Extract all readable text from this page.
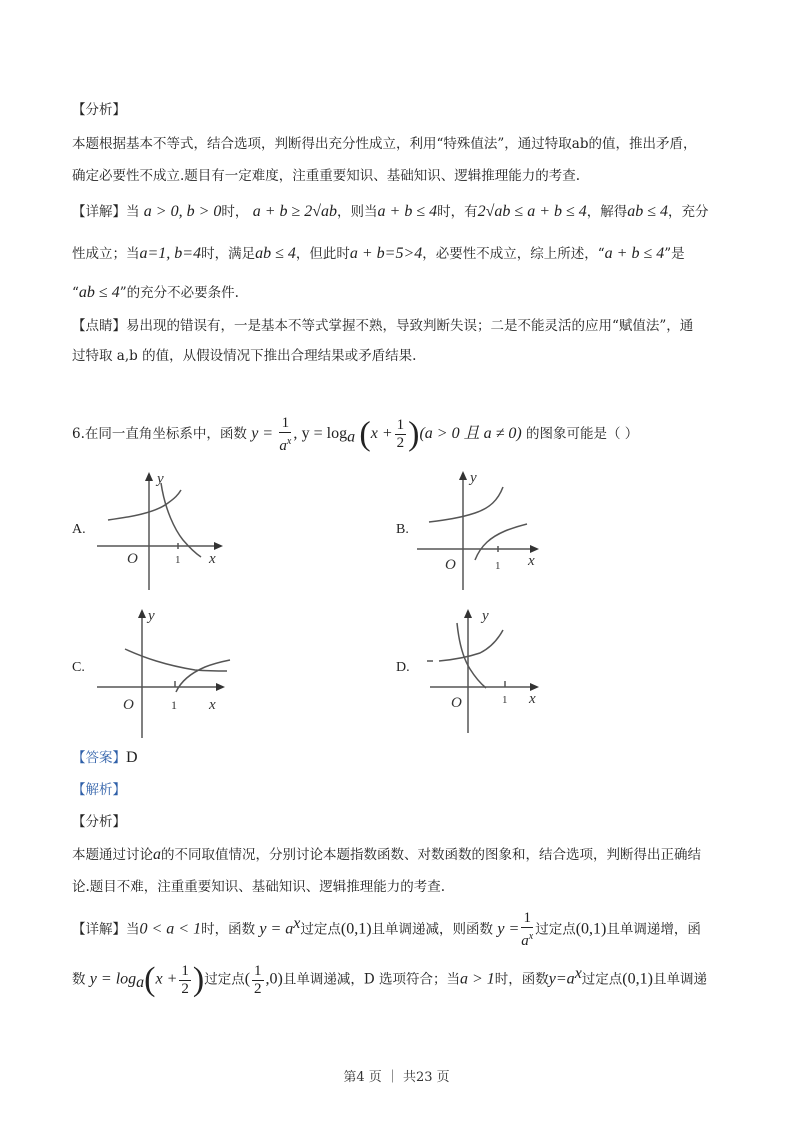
【分析】
本题根据基本不等式，结合选项，判断得出充分性成立，利用“特殊值法”，通过特取ab的值，推出矛盾，
确定必要性不成立.题目有一定难度，注重重要知识、基础知识、逻辑推理能力的考查.
【详解】当 a > 0, b > 0时， a + b ≥ 2√ab，则当a + b ≤ 4时，有2√ab ≤ a + b ≤ 4，解得ab ≤ 4，充分
性成立；当a=1, b=4时，满足ab ≤ 4，但此时a + b=5>4，必要性不成立，综上所述，“a + b ≤ 4”是
“ab ≤ 4”的充分不必要条件.
【点睛】易出现的错误有，一是基本不等式掌握不熟，导致判断失误；二是不能灵活的应用“赋值法”，通
过特取 a,b 的值，从假设情况下推出合理结果或矛盾结果.
6.在同一直角坐标系中，函数 $y = \frac{1}{a^x}$ , $y = \log_a (x + \frac{1}{2} )(a > 0$ 且 a ≠ 0) 的图象可能是（ ）
A.
y
O	1 x
B.
y
O	1 x
C.
y
O	1 x
D.
y
O	1 x
【答案】D
【解析】
【分析】
本题通过讨论a的不同取值情况，分别讨论本题指数函数、对数函数的图象和，结合选项，判断得出正确结
论.题目不难，注重重要知识、基础知识、逻辑推理能力的考查.
【详解】当0 < a < 1时，函数 $y = a^x$过定点(0,1)且单调递减，则函数 $y = \frac{1}{a^x}$ 过定点(0,1)且单调递增，函
数 $y = \log_a(x + \frac{1}{2}$ )过定点( $\frac{1}{2} ,0$)且单调递减，D 选项符合；当a > 1时，函数$y=a^x$过定点(0,1)且单调递
第4 页 ｜ 共23 页
